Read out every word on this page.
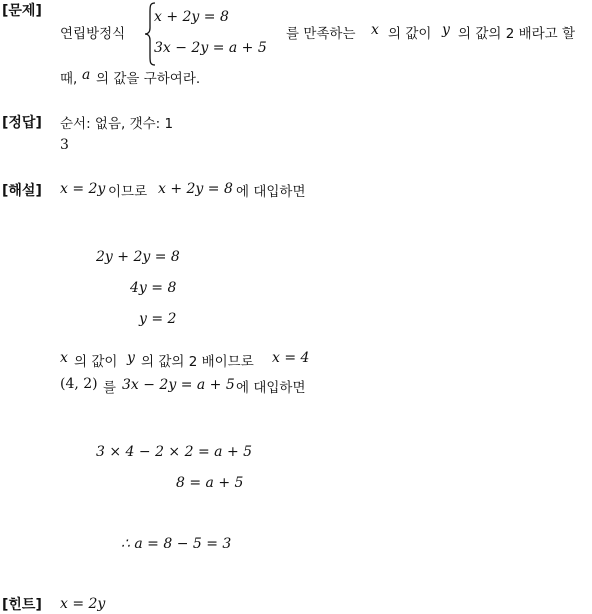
[문제]
연립방정식
x + 2y = 8
3x − 2y = a + 5
를 만족하는 x 의 값이 y 의 값의 2 배라고 할
때, a 의 값을 구하여라.
[정답] 순서: 없음, 갯수: 1
3
[해설] x = 2y 이므로 x + 2y = 8 에 대입하면
2y + 2y = 8
4y = 8
y = 2
x 의 값이 y 의 값의 2 배이므로 x = 4
(4, 2) 를 3x − 2y = a + 5 에 대입하면
3 × 4 − 2 × 2 = a + 5
8 = a + 5
∴ a = 8 − 5 = 3
[힌트] x = 2y
